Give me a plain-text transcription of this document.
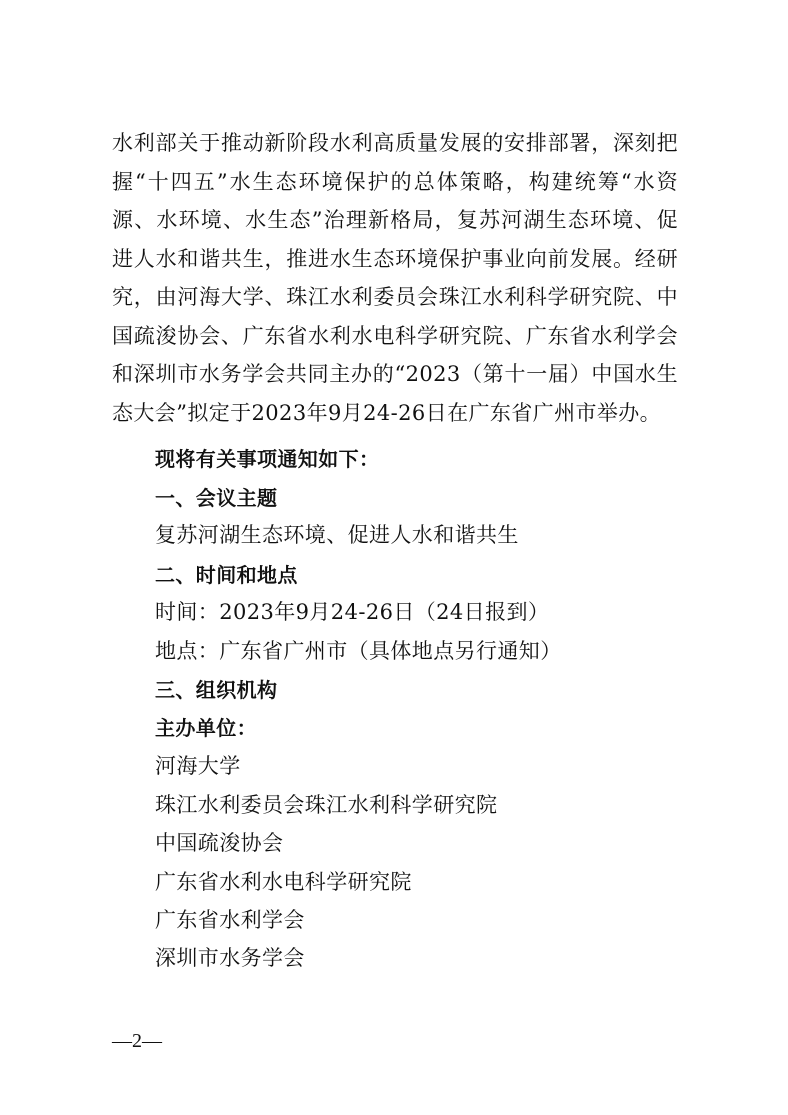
水利部关于推动新阶段水利高质量发展的安排部署，深刻把握“十四五”水生态环境保护的总体策略，构建统筹“水资源、水环境、水生态”治理新格局，复苏河湖生态环境、促进人水和谐共生，推进水生态环境保护事业向前发展。经研究，由河海大学、珠江水利委员会珠江水利科学研究院、中国疏浚协会、广东省水利水电科学研究院、广东省水利学会和深圳市水务学会共同主办的“2023（第十一届）中国水生态大会”拟定于2023年9月24-26日在广东省广州市举办。

现将有关事项通知如下：

一、会议主题

复苏河湖生态环境、促进人水和谐共生

二、时间和地点

时间：2023年9月24-26日（24日报到）

地点：广东省广州市（具体地点另行通知）

三、组织机构

主办单位：

河海大学

珠江水利委员会珠江水利科学研究院

中国疏浚协会

广东省水利水电科学研究院

广东省水利学会

深圳市水务学会

—2—
